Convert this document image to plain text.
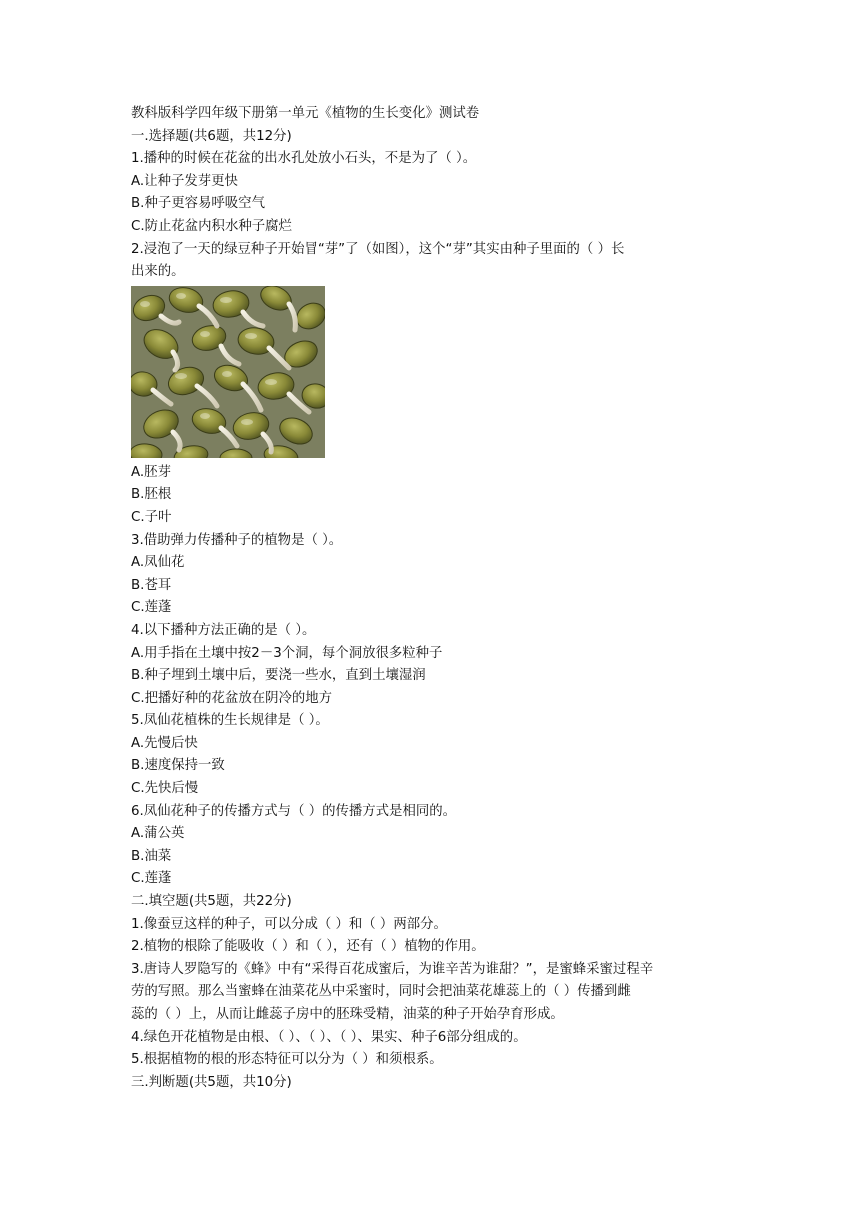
教科版科学四年级下册第一单元《植物的生长变化》测试卷
一.选择题(共6题，共12分)
1.播种的时候在花盆的出水孔处放小石头，不是为了（ ）。
A.让种子发芽更快
B.种子更容易呼吸空气
C.防止花盆内积水种子腐烂
2.浸泡了一天的绿豆种子开始冒“芽”了（如图），这个“芽”其实由种子里面的（ ）长
出来的。
A.胚芽
B.胚根
C.子叶
3.借助弹力传播种子的植物是（ ）。
A.凤仙花
B.苍耳
C.莲蓬
4.以下播种方法正确的是（ ）。
A.用手指在土壤中按2－3个洞，每个洞放很多粒种子
B.种子埋到土壤中后，要浇一些水，直到土壤湿润
C.把播好种的花盆放在阴冷的地方
5.凤仙花植株的生长规律是（ ）。
A.先慢后快
B.速度保持一致
C.先快后慢
6.凤仙花种子的传播方式与（ ）的传播方式是相同的。
A.蒲公英
B.油菜
C.莲蓬
二.填空题(共5题，共22分)
1.像蚕豆这样的种子，可以分成（ ）和（ ）两部分。
2.植物的根除了能吸收（ ）和（ ），还有（ ）植物的作用。
3.唐诗人罗隐写的《蜂》中有“采得百花成蜜后，为谁辛苦为谁甜？”，是蜜蜂采蜜过程辛
劳的写照。那么当蜜蜂在油菜花丛中采蜜时，同时会把油菜花雄蕊上的（ ）传播到雌
蕊的（ ）上，从而让雌蕊子房中的胚珠受精，油菜的种子开始孕育形成。
4.绿色开花植物是由根、（ ）、（ ）、（ ）、果实、种子6部分组成的。
5.根据植物的根的形态特征可以分为（ ）和须根系。
三.判断题(共5题，共10分)
